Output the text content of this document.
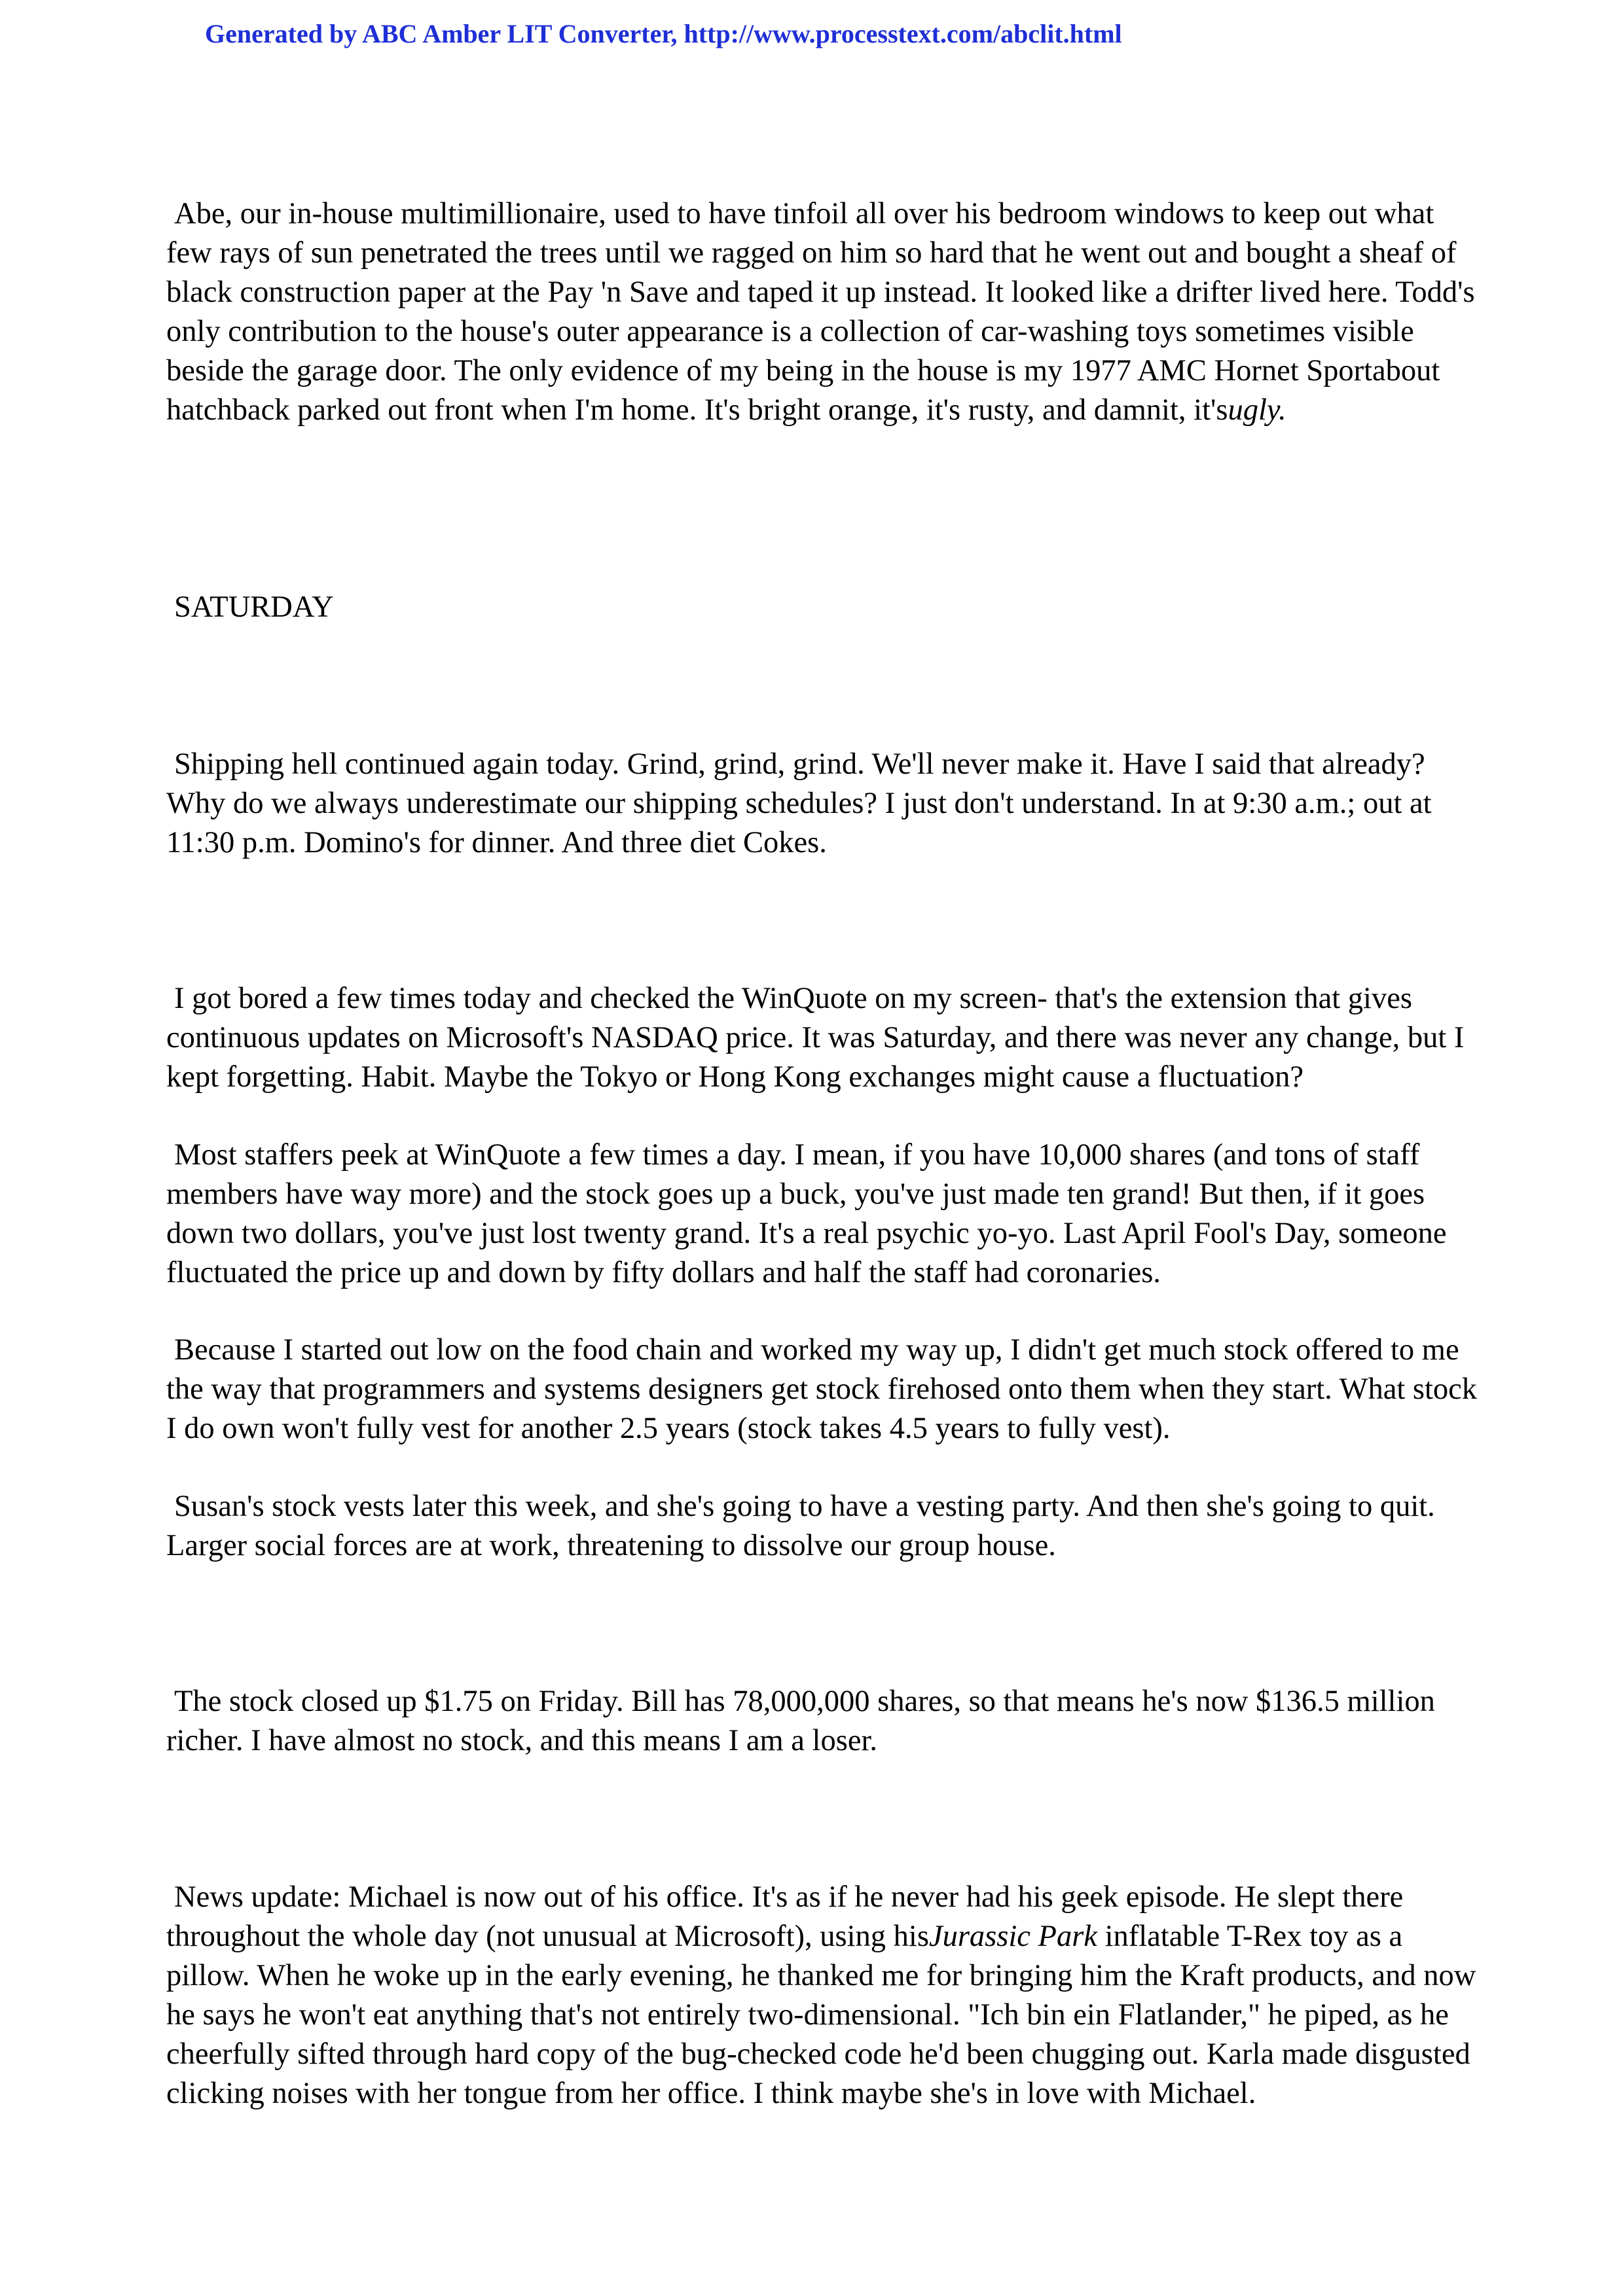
Generated by ABC Amber LIT Converter, http://www.processtext.com/abclit.html

Abe, our in-house multimillionaire, used to have tinfoil all over his bedroom windows to keep out what few rays of sun penetrated the trees until we ragged on him so hard that he went out and bought a sheaf of black construction paper at the Pay 'n Save and taped it up instead. It looked like a drifter lived here. Todd's only contribution to the house's outer appearance is a collection of car-washing toys sometimes visible beside the garage door. The only evidence of my being in the house is my 1977 AMC Hornet Sportabout hatchback parked out front when I'm home. It's bright orange, it's rusty, and damnit, it'sugly.

SATURDAY

Shipping hell continued again today. Grind, grind, grind. We'll never make it. Have I said that already? Why do we always underestimate our shipping schedules? I just don't understand. In at 9:30 a.m.; out at 11:30 p.m. Domino's for dinner. And three diet Cokes.

I got bored a few times today and checked the WinQuote on my screen- that's the extension that gives continuous updates on Microsoft's NASDAQ price. It was Saturday, and there was never any change, but I kept forgetting. Habit. Maybe the Tokyo or Hong Kong exchanges might cause a fluctuation?

Most staffers peek at WinQuote a few times a day. I mean, if you have 10,000 shares (and tons of staff members have way more) and the stock goes up a buck, you've just made ten grand! But then, if it goes down two dollars, you've just lost twenty grand. It's a real psychic yo-yo. Last April Fool's Day, someone fluctuated the price up and down by fifty dollars and half the staff had coronaries.

Because I started out low on the food chain and worked my way up, I didn't get much stock offered to me the way that programmers and systems designers get stock firehosed onto them when they start. What stock I do own won't fully vest for another 2.5 years (stock takes 4.5 years to fully vest).

Susan's stock vests later this week, and she's going to have a vesting party. And then she's going to quit. Larger social forces are at work, threatening to dissolve our group house.

The stock closed up $1.75 on Friday. Bill has 78,000,000 shares, so that means he's now $136.5 million richer. I have almost no stock, and this means I am a loser.

News update: Michael is now out of his office. It's as if he never had his geek episode. He slept there throughout the whole day (not unusual at Microsoft), using hisJurassic Park inflatable T-Rex toy as a pillow. When he woke up in the early evening, he thanked me for bringing him the Kraft products, and now he says he won't eat anything that's not entirely two-dimensional. "Ich bin ein Flatlander," he piped, as he cheerfully sifted through hard copy of the bug-checked code he'd been chugging out. Karla made disgusted clicking noises with her tongue from her office. I think maybe she's in love with Michael.
